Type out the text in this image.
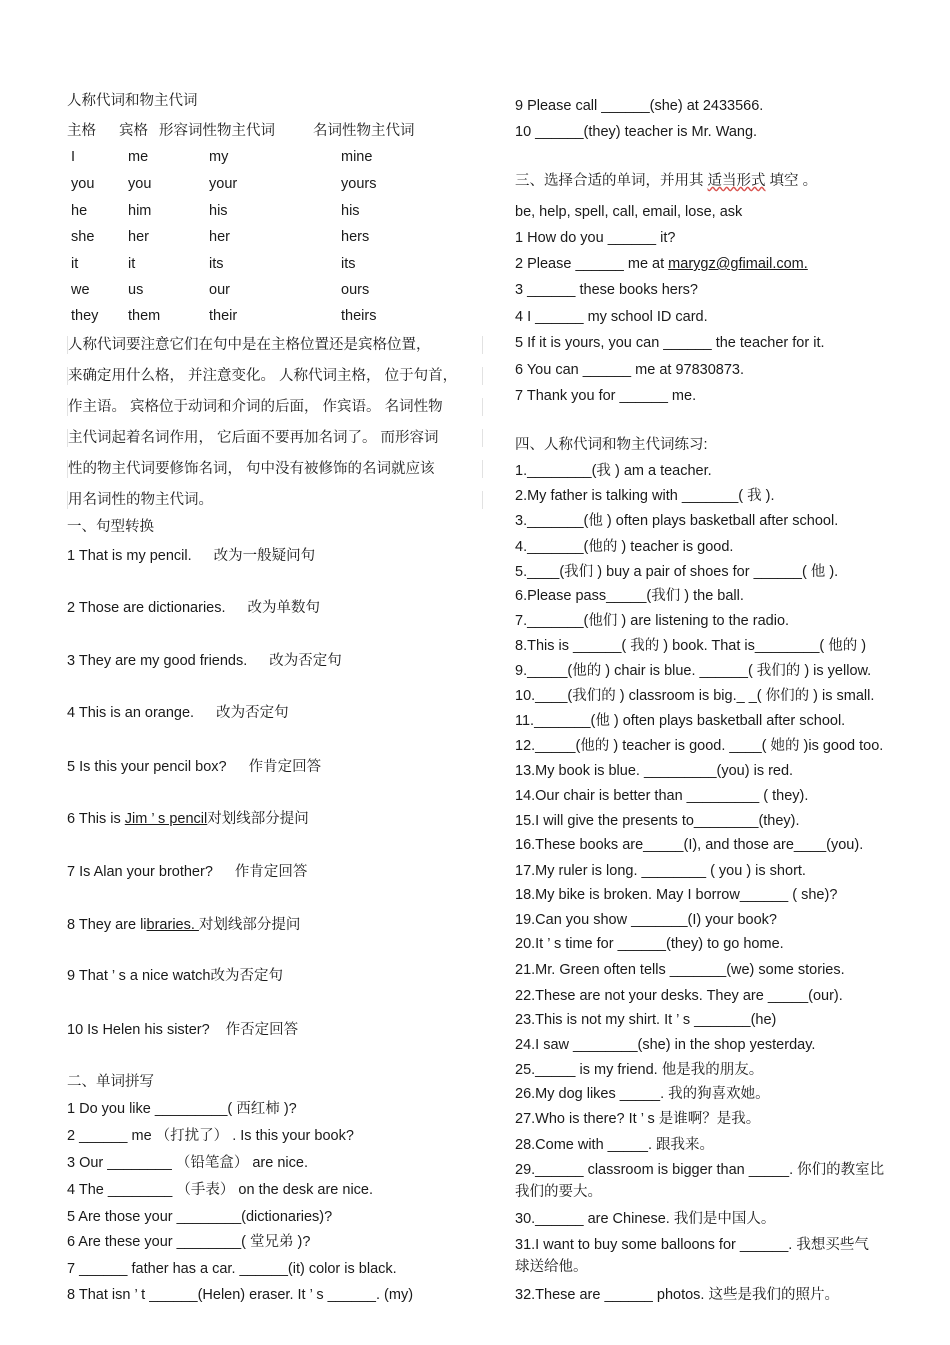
人称代词和物主代词
主格 宾格 形容词性物主代词	名词性物主代词
I	me	my	mine
you you	your	yours
he	him	his	his
she her	her	hers
it	it	its	its
we	us	our	ours
they them	their	theirs
人称代词要注意它们在句中是在主格位置还是宾格位置，
来确定用什么格， 并注意变化。 人称代词主格， 位于句首，
作主语。 宾格位于动词和介词的后面， 作宾语。 名词性物
主代词起着名词作用， 它后面不要再加名词了。 而形容词
性的物主代词要修饰名词， 句中没有被修饰的名词就应该
用名词性的物主代词。
一、句型转换
1 That is my pencil. 改为一般疑问句
2 Those are dictionaries. 改为单数句
3 They are my good friends. 改为否定句
4 This is an orange. 改为否定句
5 Is this your pencil box? 作肯定回答
6 This is Jim ’ s pencil对划线部分提问
7 Is Alan your brother? 作肯定回答
8 They are libraries. 对划线部分提问
9 That ’ s a nice watch改为否定句
10 Is Helen his sister? 作否定回答
二、单词拼写
1 Do you like _________( 西红柿 )?
2 ______ me （打扰了） . Is this your book?
3 Our ________ （铅笔盒） are nice.
4 The ________ （手表） on the desk are nice.
5 Are those your ________(dictionaries)?
6 Are these your ________( 堂兄弟 )?
7 ______ father has a car. ______(it) color is black.
8 That isn ’ t ______(Helen) eraser. It ’ s ______. (my)
9 Please call ______(she) at 2433566.
10 ______(they) teacher is Mr. Wang.
三、选择合适的单词，并用其 适当形式 填空 。
be, help, spell, call, email, lose, ask
1 How do you ______ it?
2 Please ______ me at marygz@gfimail.com.
3 ______ these books hers?
4 I ______ my school ID card.
5 If it is yours, you can ______ the teacher for it.
6 You can ______ me at 97830873.
7 Thank you for ______ me.
四、人称代词和物主代词练习:
1.________(我 ) am a teacher.
2.My father is talking with _______( 我 ).
3._______(他 ) often plays basketball after school.
4._______(他的 ) teacher is good.
5.____(我们 ) buy a pair of shoes for ______( 他 ).
6.Please pass_____(我们 ) the ball.
7._______(他们 ) are listening to the radio.
8.This is ______( 我的 ) book. That is________( 他的 )
9._____(他的 ) chair is blue. ______( 我们的 ) is yellow.
10.____(我们的 ) classroom is big._ _( 你们的 ) is small.
11._______(他 ) often plays basketball after school.
12._____(他的 ) teacher is good. ____( 她的 )is good too.
13.My book is blue. _________(you) is red.
14.Our chair is better than _________ ( they).
15.I will give the presents to________(they).
16.These books are_____(I), and those are____(you).
17.My ruler is long. ________ ( you ) is short.
18.My bike is broken. May I borrow______ ( she)?
19.Can you show _______(I) your book?
20.It ’ s time for ______(they) to go home.
21.Mr. Green often tells _______(we) some stories.
22.These are not your desks. They are _____(our).
23.This is not my shirt. It ’ s _______(he)
24.I saw ________(she) in the shop yesterday.
25._____ is my friend. 他是我的朋友。
26.My dog likes _____. 我的狗喜欢她。
27.Who is there? It ’ s 是谁啊？是我。
28.Come with _____. 跟我来。
29.______ classroom is bigger than _____. 你们的教室比
我们的要大。
30.______ are Chinese. 我们是中国人。
31.I want to buy some balloons for ______. 我想买些气
球送给他。
32.These are ______ photos. 这些是我们的照片。
